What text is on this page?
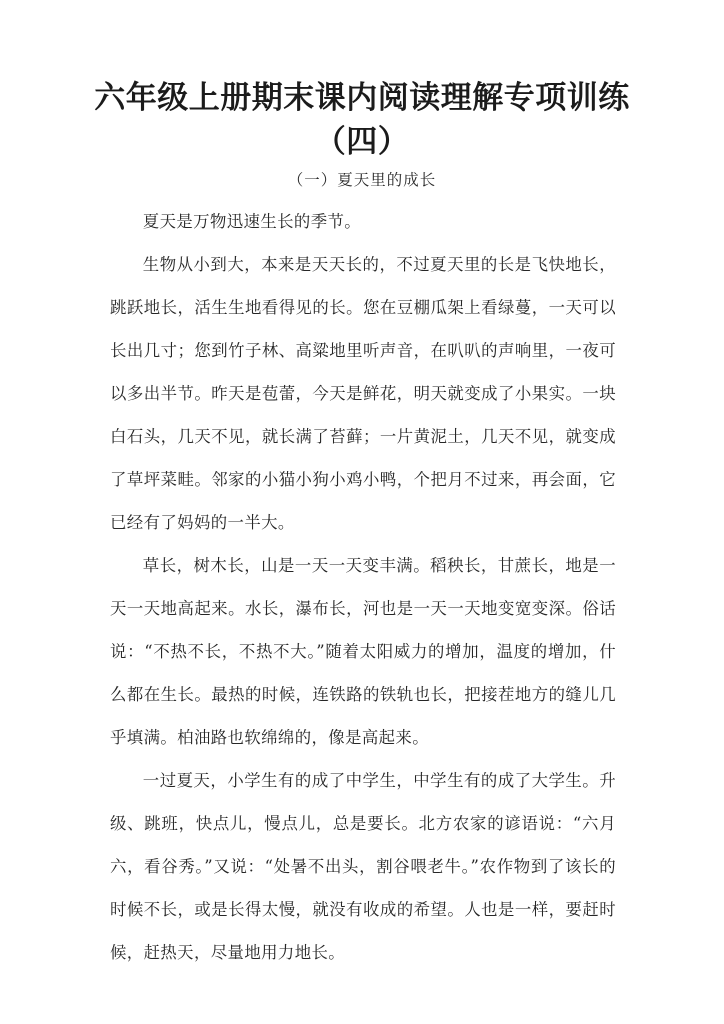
六年级上册期末课内阅读理解专项训练
（四）
（一）夏天里的成长

夏天是万物迅速生长的季节。

生物从小到大，本来是天天长的，不过夏天里的长是飞快地长，跳跃地长，活生生地看得见的长。您在豆棚瓜架上看绿蔓，一天可以长出几寸；您到竹子林、高粱地里听声音，在叭叭的声响里，一夜可以多出半节。昨天是苞蕾，今天是鲜花，明天就变成了小果实。一块白石头，几天不见，就长满了苔藓；一片黄泥土，几天不见，就变成了草坪菜畦。邻家的小猫小狗小鸡小鸭，个把月不过来，再会面，它已经有了妈妈的一半大。

草长，树木长，山是一天一天变丰满。稻秧长，甘蔗长，地是一天一天地高起来。水长，瀑布长，河也是一天一天地变宽变深。俗话说：“不热不长，不热不大。”随着太阳威力的增加，温度的增加，什么都在生长。最热的时候，连铁路的铁轨也长，把接茬地方的缝儿几乎填满。柏油路也软绵绵的，像是高起来。

一过夏天，小学生有的成了中学生，中学生有的成了大学生。升级、跳班，快点儿，慢点儿，总是要长。北方农家的谚语说：“六月六，看谷秀。”又说：“处暑不出头，割谷喂老牛。”农作物到了该长的时候不长，或是长得太慢，就没有收成的希望。人也是一样，要赶时候，赶热天，尽量地用力地长。
